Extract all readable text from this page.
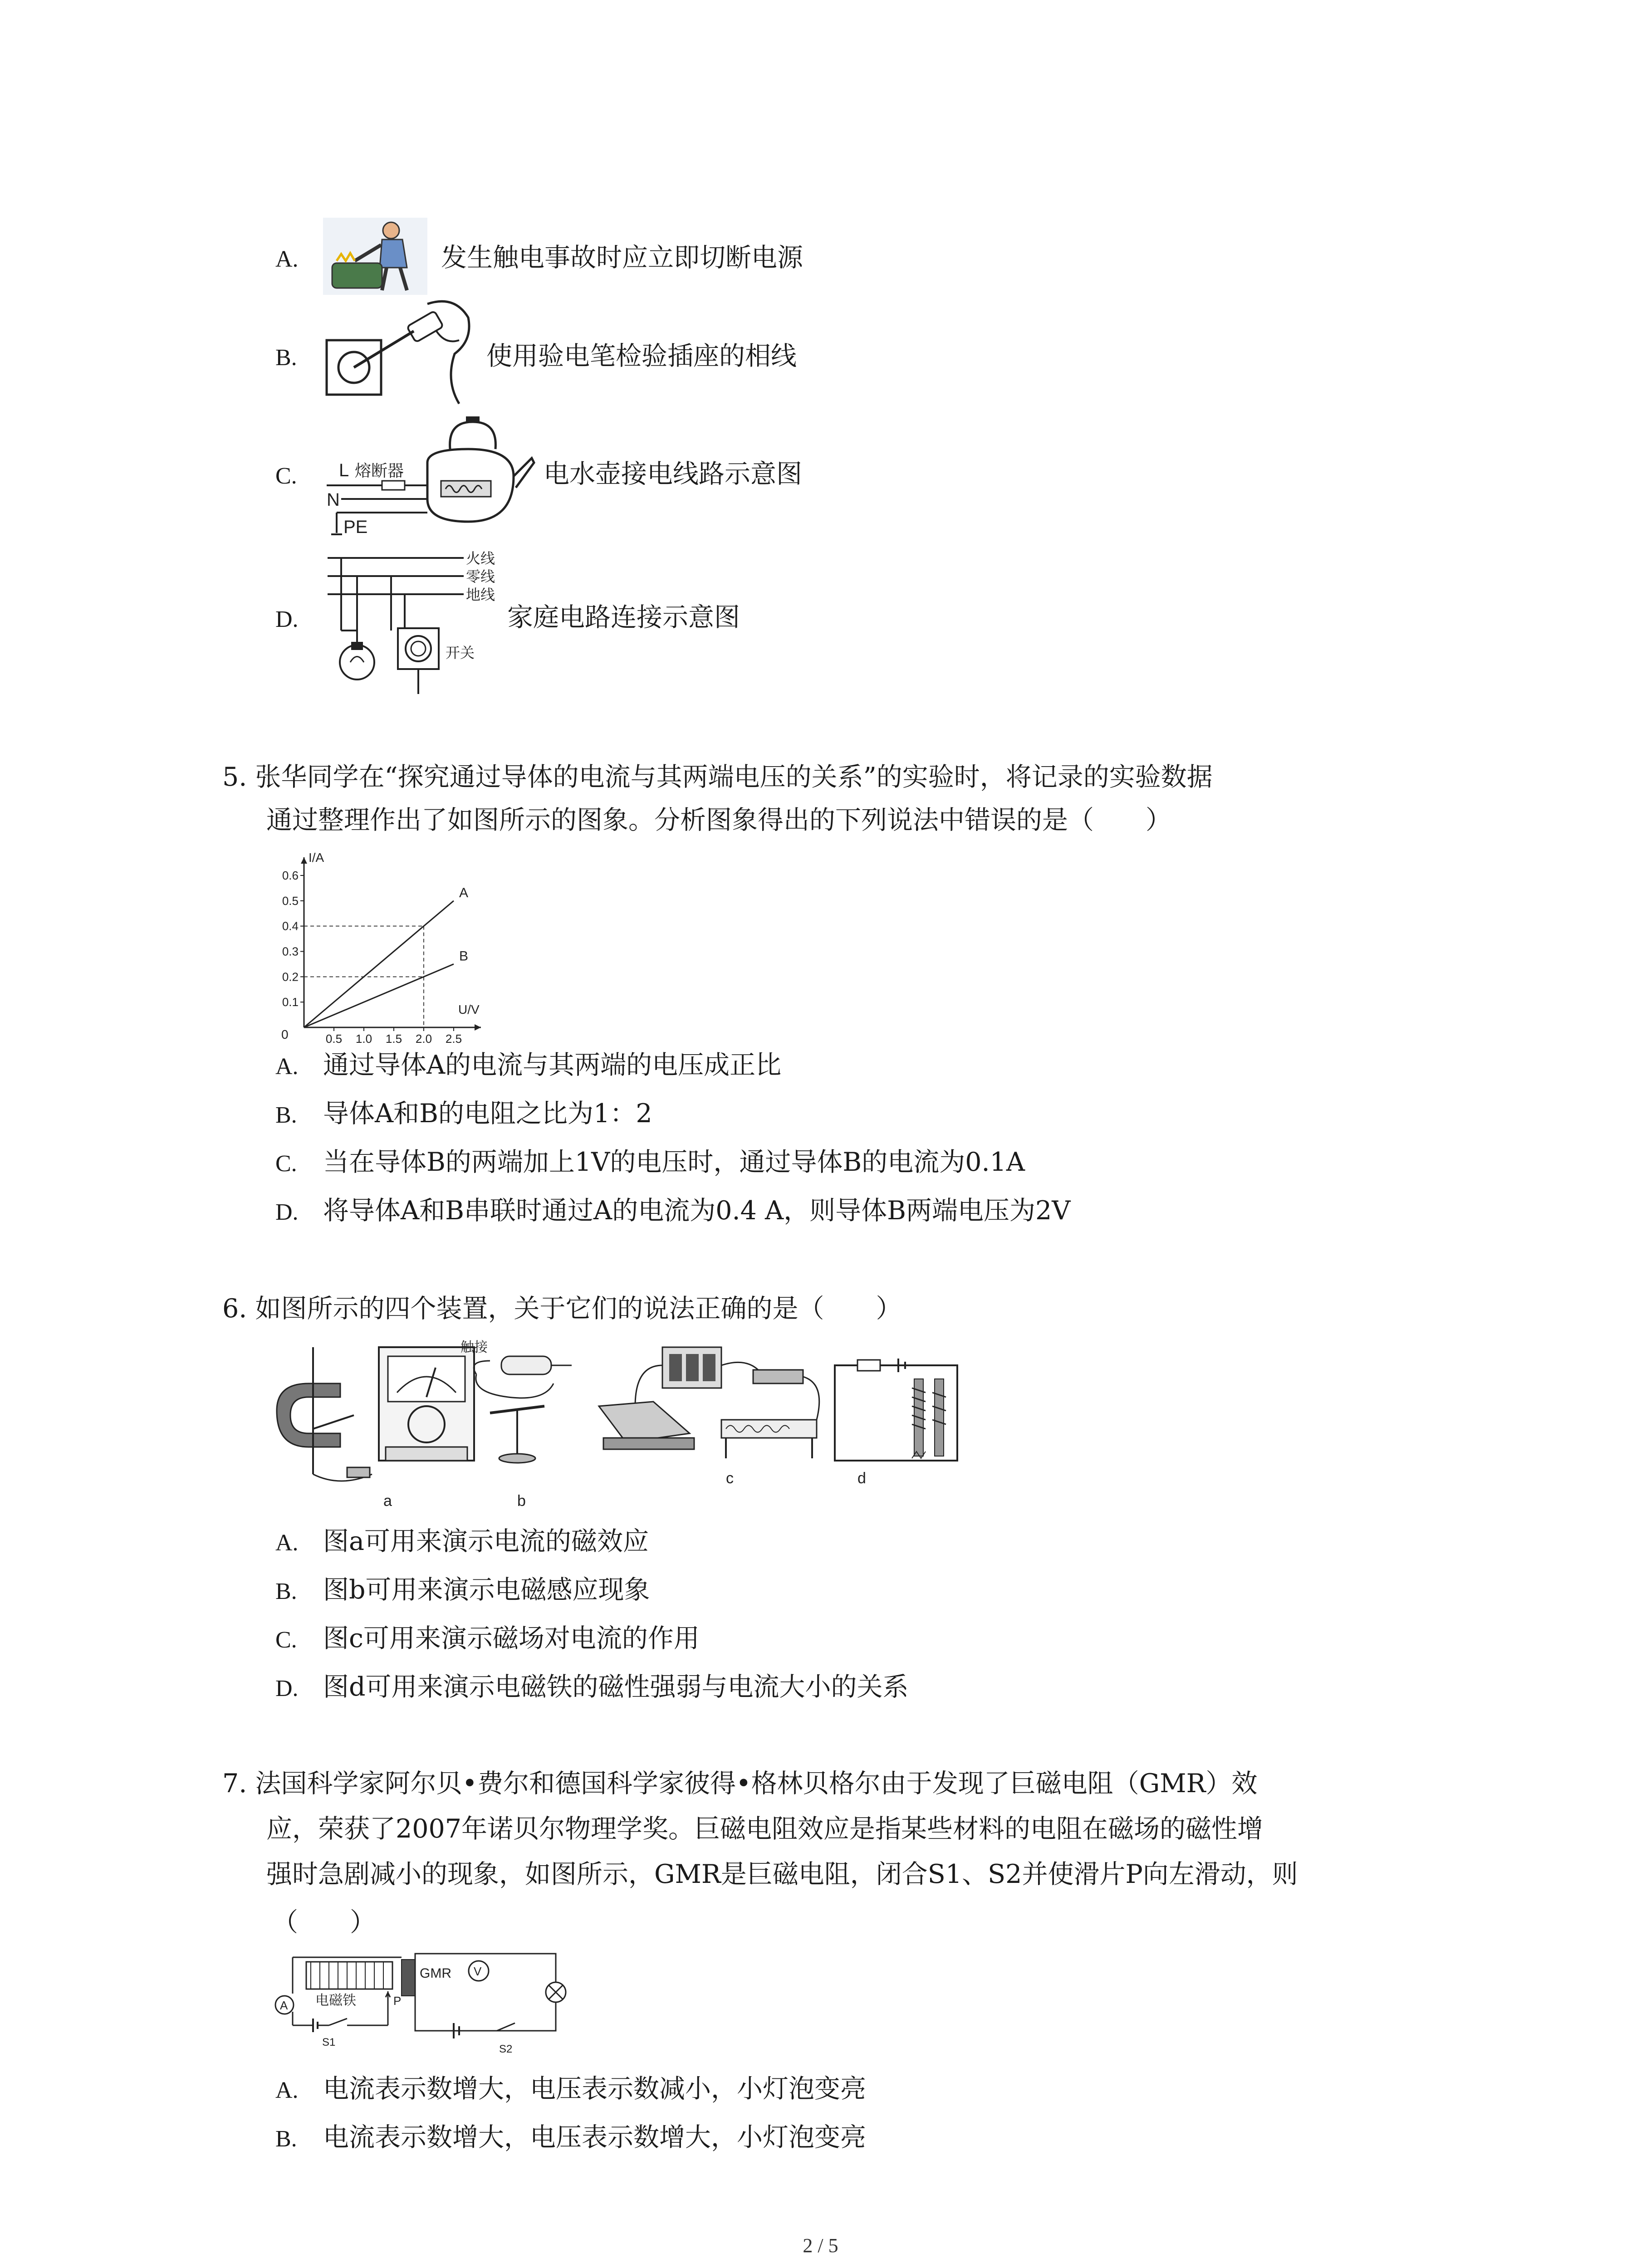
A.	发生触电事故时应立即切断电源
B.	使用验电笔检验插座的相线
C. L 熔断器
N
PE
电水壶接电线路示意图
D.
火线
零线
地线
开关
家庭电路连接示意图
5. 张华同学在“探究通过导体的电流与其两端电压的关系”的实验时，将记录的实验数据
通过整理作出了如图所示的图象。分析图象得出的下列说法中错误的是（　　）
A
B
0.1
0.2
0.3
0.4
0.5
0.6
0.5 1.0 1.5 2.0 2.5
I/A
U/V
0
A. 通过导体A的电流与其两端的电压成正比
B. 导体A和B的电阻之比为1：2
C. 当在导体B的两端加上1V的电压时，通过导体B的电流为0.1A
D. 将导体A和B串联时通过A的电流为0.4 A，则导体B两端电压为2V
6. 如图所示的四个装置，关于它们的说法正确的是（　　）
a
触接
b
c	d
A. 图a可用来演示电流的磁效应
B. 图b可用来演示电磁感应现象
C. 图c可用来演示磁场对电流的作用
D. 图d可用来演示电磁铁的磁性强弱与电流大小的关系
7. 法国科学家阿尔贝•费尔和德国科学家彼得•格林贝格尔由于发现了巨磁电阻（GMR）效
应，荣获了2007年诺贝尔物理学奖。巨磁电阻效应是指某些材料的电阻在磁场的磁性增
强时急剧减小的现象，如图所示，GMR是巨磁电阻，闭合S1、S2并使滑片P向左滑动，则
（　　）
电磁铁
A
S1
P
GMR V
S2
A. 电流表示数增大，电压表示数减小，小灯泡变亮
B. 电流表示数增大，电压表示数增大，小灯泡变亮
2 / 5
